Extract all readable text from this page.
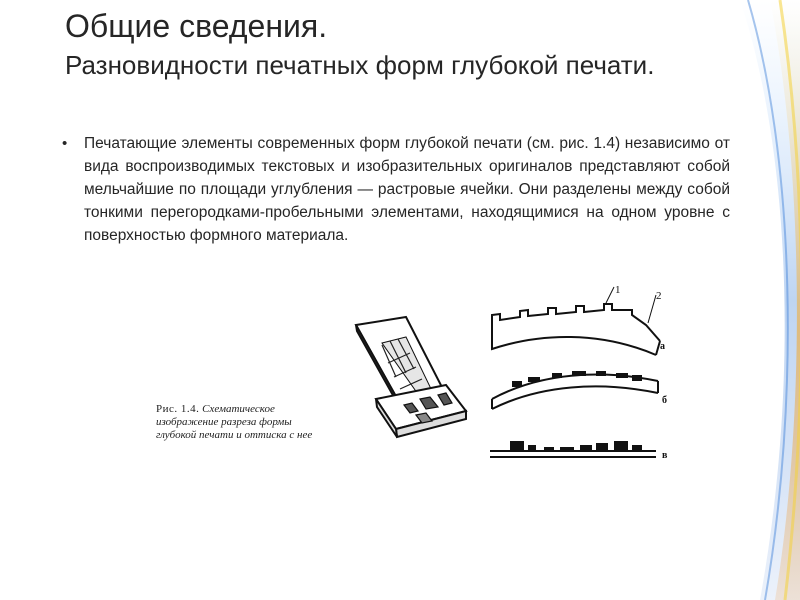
Общие сведения.
Разновидности печатных форм глубокой печати.
• Печатающие элементы современных форм глубокой печати (см. рис. 1.4) независимо от вида воспроизводимых текстовых и изобразительных оригиналов представляют собой мельчайшие по площади углубления — растровые ячейки. Они разделены между собой тонкими перегородками-пробельными элементами, находящимися на одном уровне с поверхностью формного материала.

1	2
а
б
в
Рис. 1.4. Схематическое изображение разреза формы глубокой печати и оттиска с нее
